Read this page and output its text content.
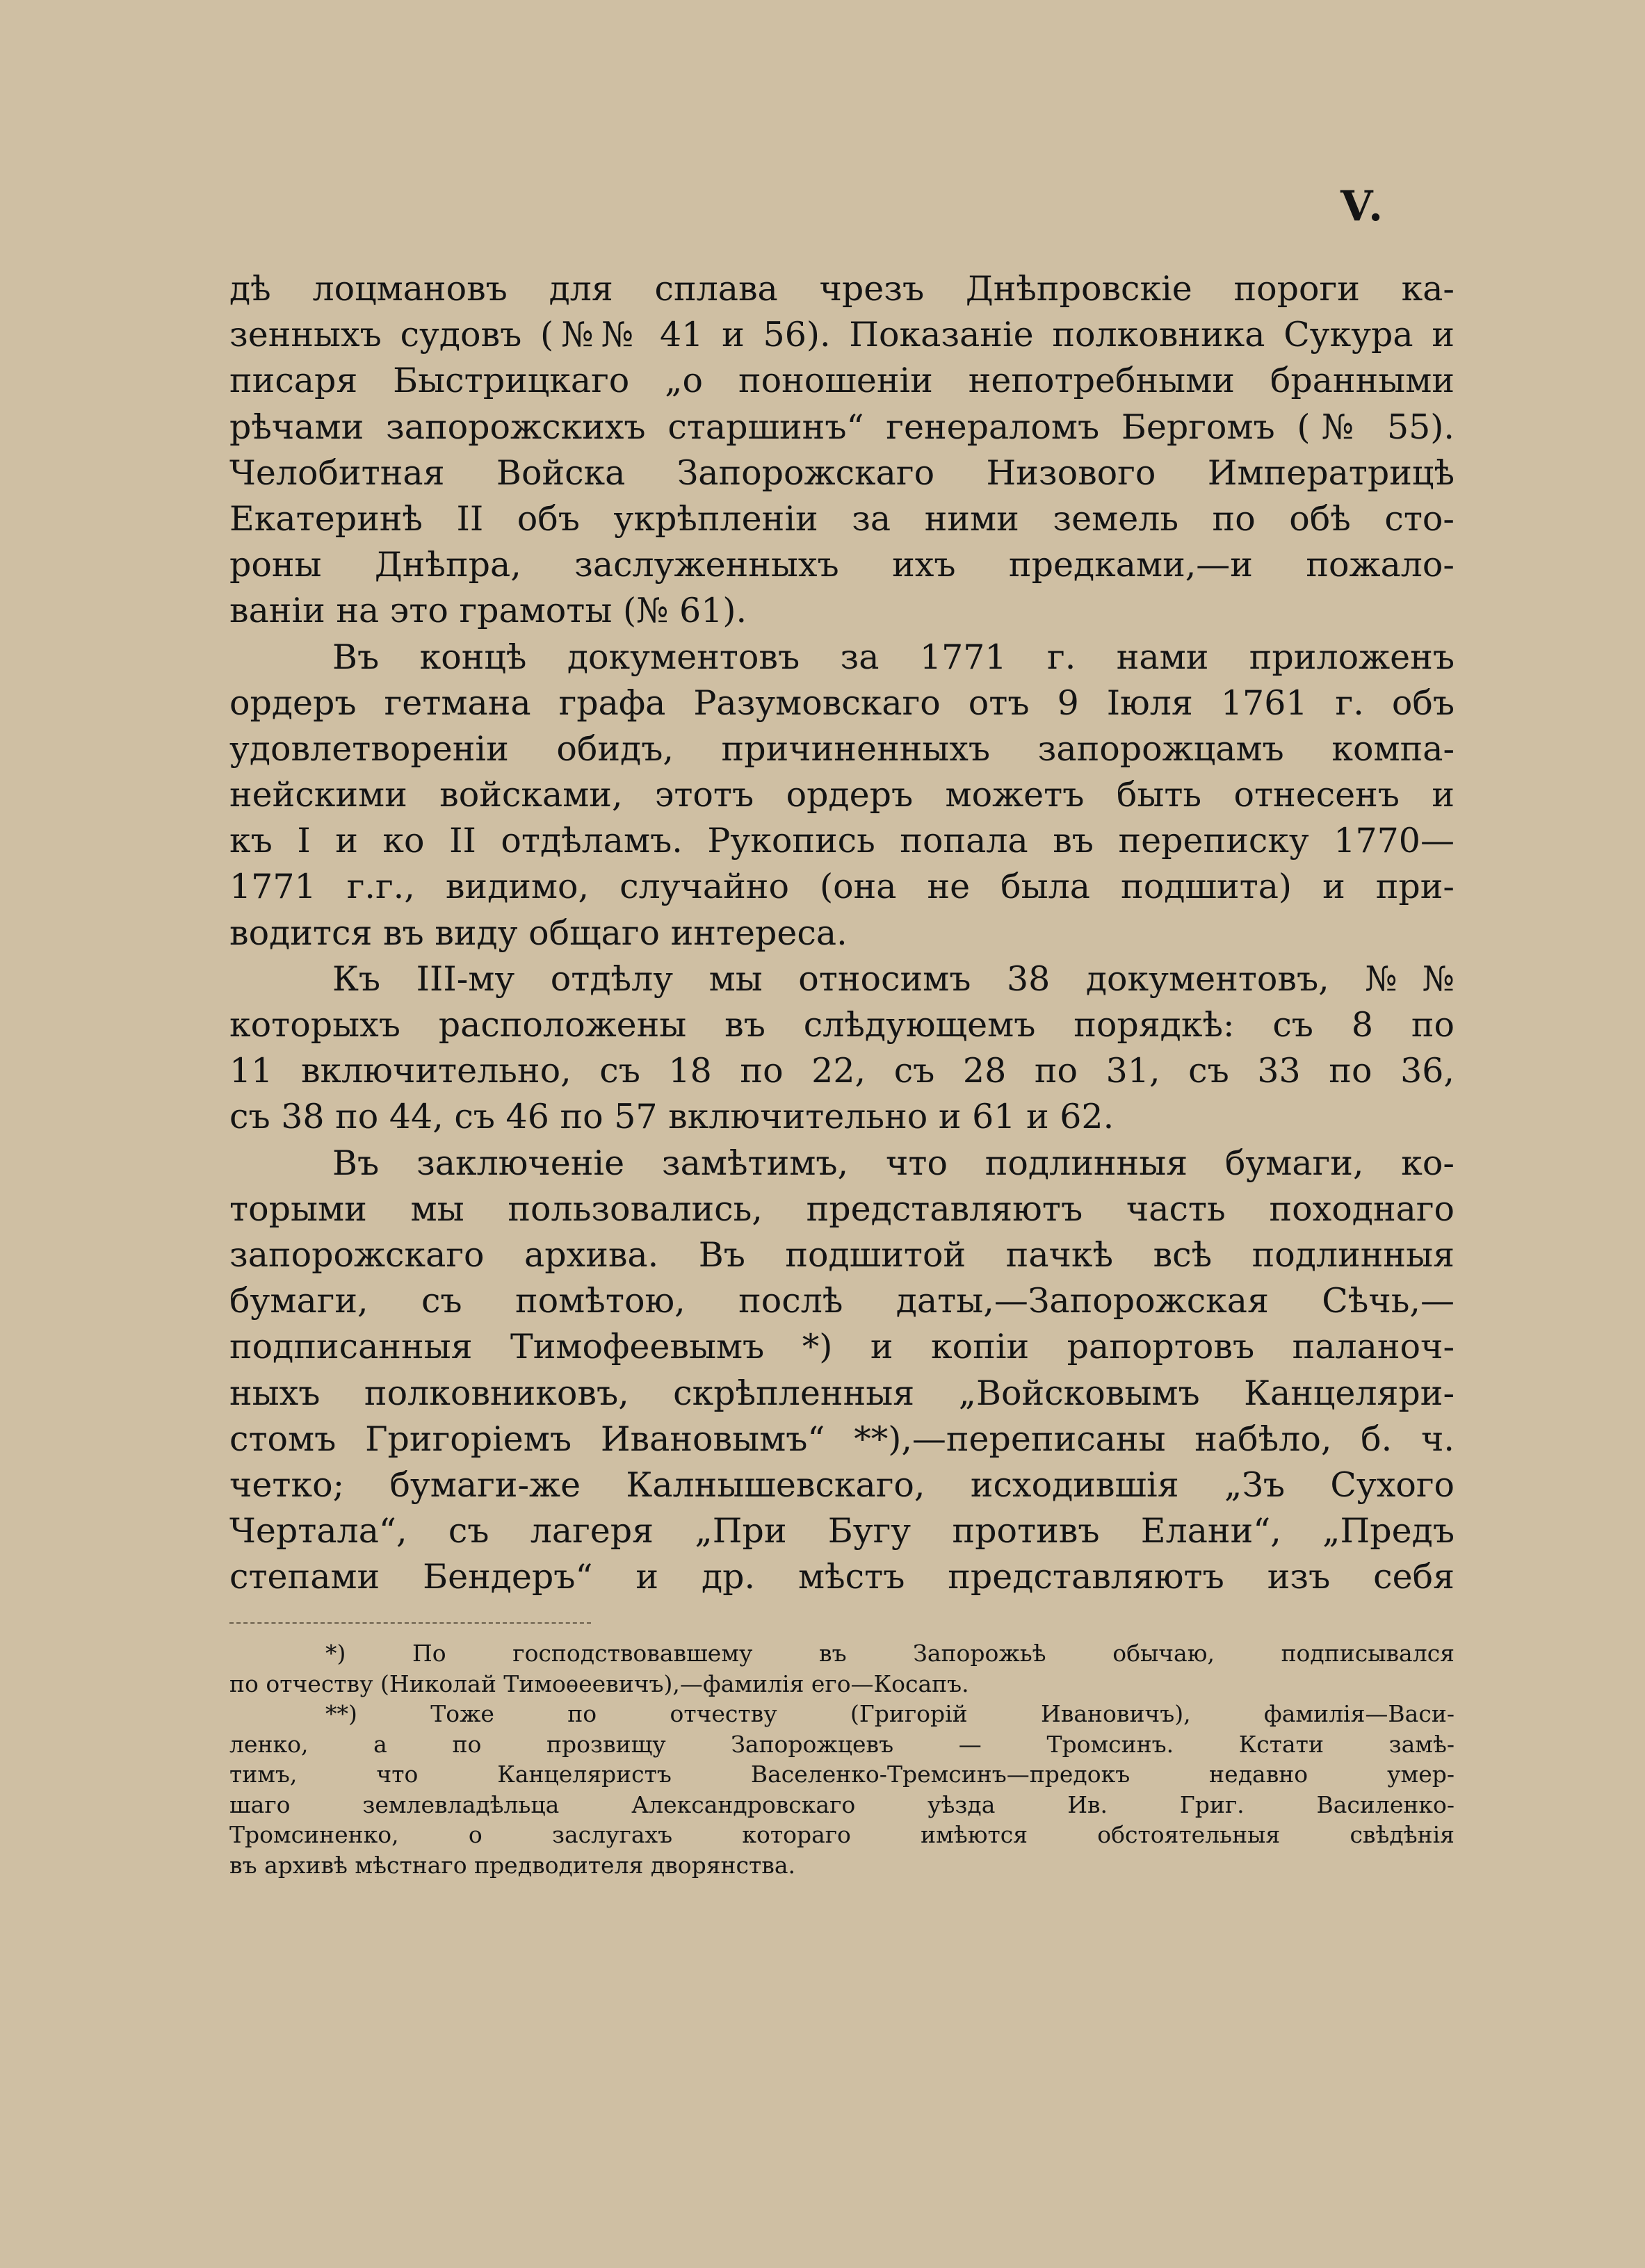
V.
дѣ лоцмановъ для сплава чрезъ Днѣпровскіе пороги ка-
зенныхъ судовъ (№№ 41 и 56). Показаніе полковника Сукура и
писаря Быстрицкаго „о поношеніи непотребными бранными
рѣчами запорожскихъ старшинъ“ генераломъ Бергомъ (№ 55).
Челобитная Войска Запорожскаго Низового Императрицѣ
Екатеринѣ II объ укрѣпленіи за ними земель по обѣ сто-
роны Днѣпра, заслуженныхъ ихъ предками,—и пожало-
ваніи на это грамоты (№ 61).
Въ концѣ документовъ за 1771 г. нами приложенъ
ордеръ гетмана графа Разумовскаго отъ 9 Іюля 1761 г. объ
удовлетвореніи обидъ, причиненныхъ запорожцамъ компа-
нейскими войсками, этотъ ордеръ можетъ быть отнесенъ и
къ I и ко II отдѣламъ. Рукопись попала въ переписку 1770—
1771 г.г., видимо, случайно (она не была подшита) и при-
водится въ виду общаго интереса.
Къ III-му отдѣлу мы относимъ 38 документовъ, №№
которыхъ расположены въ слѣдующемъ порядкѣ: съ 8 по
11 включительно, съ 18 по 22, съ 28 по 31, съ 33 по 36,
съ 38 по 44, съ 46 по 57 включительно и 61 и 62.
Въ заключеніе замѣтимъ, что подлинныя бумаги, ко-
торыми мы пользовались, представляютъ часть походнаго
запорожскаго архива. Въ подшитой пачкѣ всѣ подлинныя
бумаги, съ помѣтою, послѣ даты,—Запорожская Сѣчь,—
подписанныя Тимофеевымъ *) и копіи рапортовъ паланоч-
ныхъ полковниковъ, скрѣпленныя „Войсковымъ Канцеляри-
стомъ Григоріемъ Ивановымъ“ **),—переписаны набѣло, б. ч.
четко; бумаги-же Калнышевскаго, исходившія „Зъ Сухого
Чертала“, съ лагеря „При Бугу противъ Елани“, „Предъ
степами Бендеръ“ и др. мѣстъ представляютъ изъ себя
*) По господствовавшему въ Запорожьѣ обычаю, подписывался
по отчеству (Николай Тимоѳеевичъ),—фамилія его—Косапъ.
**) Тоже по отчеству (Григорій Ивановичъ), фамилія—Васи-
ленко, а по прозвищу Запорожцевъ — Тромсинъ. Кстати замѣ-
тимъ, что Канцеляристъ Васеленко-Тремсинъ—предокъ недавно умер-
шаго землевладѣльца Александровскаго уѣзда Ив. Григ. Василенко-
Тромсиненко, о заслугахъ котораго имѣются обстоятельныя свѣдѣнія
въ архивѣ мѣстнаго предводителя дворянства.
